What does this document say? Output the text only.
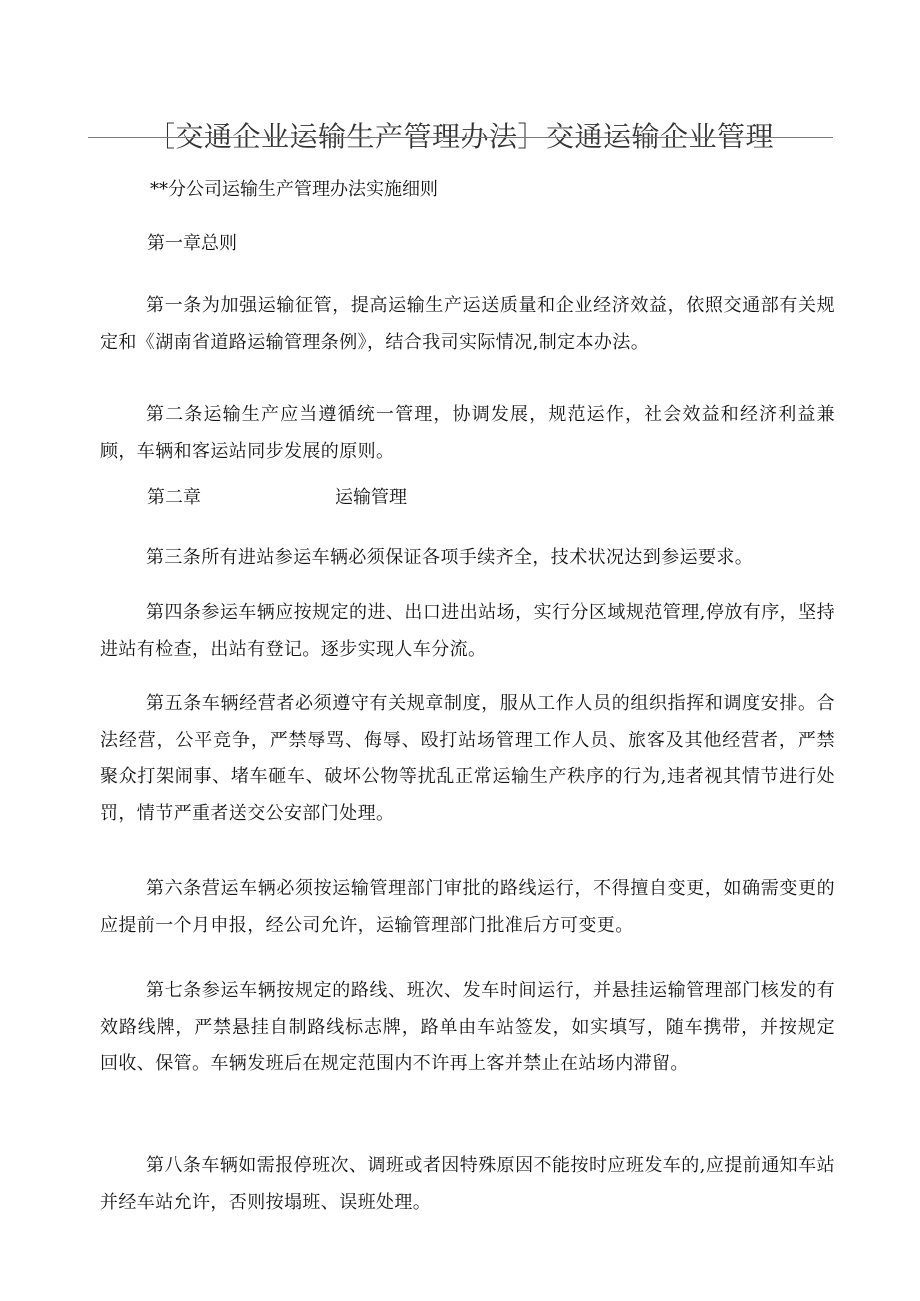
［交通企业运输生产管理办法］交通运输企业管理
**分公司运输生产管理办法实施细则
第一章总则

第一条为加强运输征管，提高运输生产运送质量和企业经济效益，依照交通部有关规定和《湖南省道路运输管理条例》，结合我司实际情况,制定本办法。

第二条运输生产应当遵循统一管理，协调发展，规范运作，社会效益和经济利益兼顾，车辆和客运站同步发展的原则。

第二章	运输管理

第三条所有进站参运车辆必须保证各项手续齐全，技术状况达到参运要求。

第四条参运车辆应按规定的进、出口进出站场，实行分区域规范管理,停放有序，坚持进站有检查，出站有登记。逐步实现人车分流。

第五条车辆经营者必须遵守有关规章制度，服从工作人员的组织指挥和调度安排。合法经营，公平竞争，严禁辱骂、侮辱、殴打站场管理工作人员、旅客及其他经营者，严禁聚众打架闹事、堵车砸车、破坏公物等扰乱正常运输生产秩序的行为,违者视其情节进行处罚，情节严重者送交公安部门处理。

第六条营运车辆必须按运输管理部门审批的路线运行，不得擅自变更，如确需变更的应提前一个月申报，经公司允许，运输管理部门批准后方可变更。

第七条参运车辆按规定的路线、班次、发车时间运行，并悬挂运输管理部门核发的有效路线牌，严禁悬挂自制路线标志牌，路单由车站签发，如实填写，随车携带，并按规定回收、保管。车辆发班后在规定范围内不许再上客并禁止在站场内滞留。

第八条车辆如需报停班次、调班或者因特殊原因不能按时应班发车的,应提前通知车站并经车站允许，否则按塌班、误班处理。
